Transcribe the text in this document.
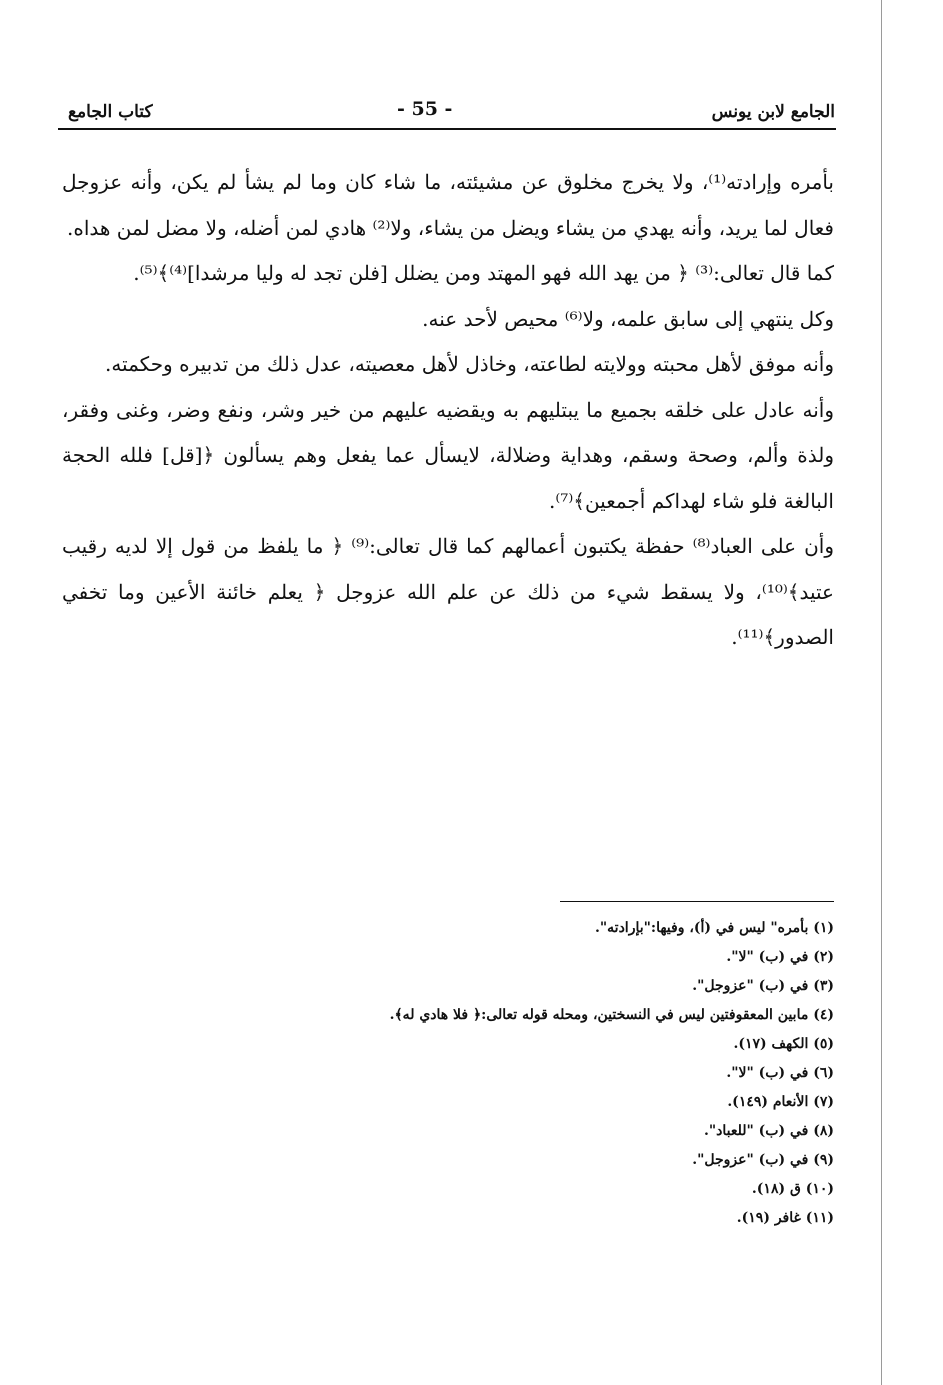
الجامع لابن يونس
- 55 -
كتاب الجامع

بأمره وإرادته⁽¹⁾، ولا يخرج مخلوق عن مشيئته، ما شاء كان وما لم يشأ لم يكن، وأنه عزوجل فعال لما يريد، وأنه يهدي من يشاء ويضل من يشاء، ولا⁽²⁾ هادي لمن أضله، ولا مضل لمن هداه.

كما قال تعالى:⁽³⁾ ﴿ من يهد الله فهو المهتد ومن يضلل [فلن تجد له وليا مرشدا]⁽⁴⁾﴾⁽⁵⁾.

وكل ينتهي إلى سابق علمه، ولا⁽⁶⁾ محيص لأحد عنه.

وأنه موفق لأهل محبته وولايته لطاعته، وخاذل لأهل معصيته، عدل ذلك من تدبيره وحكمته.

وأنه عادل على خلقه بجميع ما يبتليهم به ويقضيه عليهم من خير وشر، ونفع وضر، وغنى وفقر، ولذة وألم، وصحة وسقم، وهداية وضلالة، لايسأل عما يفعل وهم يسألون ﴿[قل] فلله الحجة البالغة فلو شاء لهداكم أجمعين﴾⁽⁷⁾.

وأن على العباد⁽⁸⁾ حفظة يكتبون أعمالهم كما قال تعالى:⁽⁹⁾ ﴿ ما يلفظ من قول إلا لديه رقيب عتيد﴾⁽¹⁰⁾، ولا يسقط شيء من ذلك عن علم الله عزوجل ﴿ يعلم خائنة الأعين وما تخفي الصدور﴾⁽¹¹⁾.

(١) بأمره" ليس في (أ)، وفيها:"بإرادته".
(٢) في (ب) "لا".
(٣) في (ب) "عزوجل".
(٤) مابين المعقوفتين ليس في النسختين، ومحله قوله تعالى:﴿ فلا هادي له﴾.
(٥) الكهف (١٧).
(٦) في (ب) "لا".
(٧) الأنعام (١٤٩).
(٨) في (ب) "للعباد".
(٩) في (ب) "عزوجل".
(١٠) ق (١٨).
(١١) غافر (١٩).
